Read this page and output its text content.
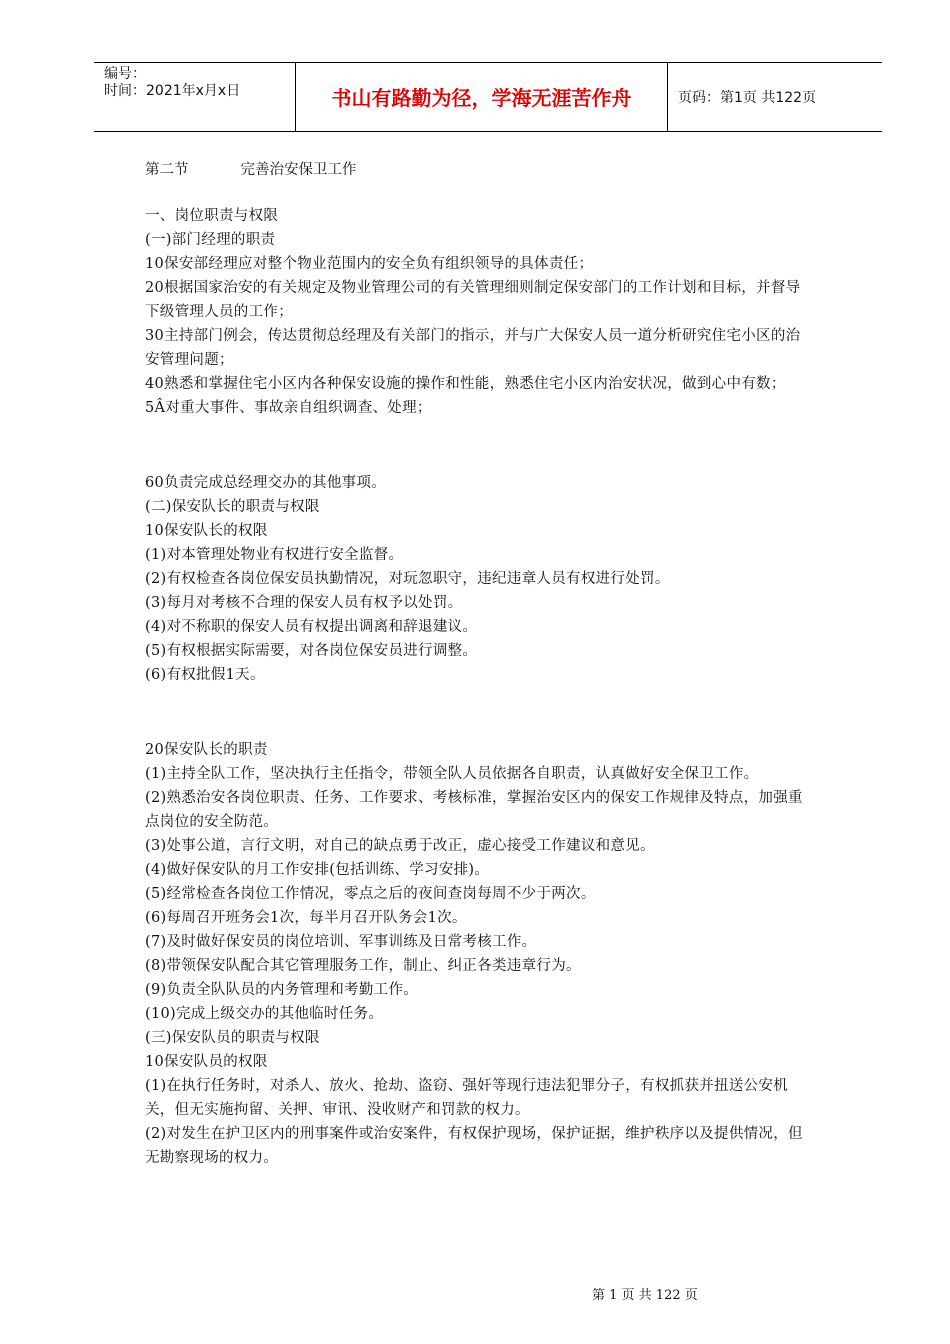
编号：
时间：2021年x月x日	书山有路勤为径，学海无涯苦作舟	页码：第1页 共122页
第二节	完善治安保卫工作

一、岗位职责与权限

(一)部门经理的职责

10保安部经理应对整个物业范围内的安全负有组织领导的具体责任；

20根据国家治安的有关规定及物业管理公司的有关管理细则制定保安部门的工作计划和目标，并督导下级管理人员的工作；

30主持部门例会，传达贯彻总经理及有关部门的指示，并与广大保安人员一道分析研究住宅小区的治安管理问题；

40熟悉和掌握住宅小区内各种保安设施的操作和性能，熟悉住宅小区内治安状况，做到心中有数；

5Â对重大事件、事故亲自组织调查、处理；

60负责完成总经理交办的其他事项。

(二)保安队长的职责与权限

10保安队长的权限

(1)对本管理处物业有权进行安全监督。

(2)有权检查各岗位保安员执勤情况，对玩忽职守，违纪违章人员有权进行处罚。

(3)每月对考核不合理的保安人员有权予以处罚。

(4)对不称职的保安人员有权提出调离和辞退建议。

(5)有权根据实际需要，对各岗位保安员进行调整。

(6)有权批假1天。

20保安队长的职责

(1)主持全队工作，坚决执行主任指令，带领全队人员依据各自职责，认真做好安全保卫工作。

(2)熟悉治安各岗位职责、任务、工作要求、考核标准，掌握治安区内的保安工作规律及特点，加强重点岗位的安全防范。

(3)处事公道，言行文明，对自己的缺点勇于改正，虚心接受工作建议和意见。

(4)做好保安队的月工作安排(包括训练、学习安排)。

(5)经常检查各岗位工作情况，零点之后的夜间查岗每周不少于两次。

(6)每周召开班务会1次，每半月召开队务会1次。

(7)及时做好保安员的岗位培训、军事训练及日常考核工作。

(8)带领保安队配合其它管理服务工作，制止、纠正各类违章行为。

(9)负责全队队员的内务管理和考勤工作。

(10)完成上级交办的其他临时任务。

(三)保安队员的职责与权限

10保安队员的权限

(1)在执行任务时，对杀人、放火、抢劫、盗窃、强奸等现行违法犯罪分子，有权抓获并扭送公安机关，但无实施拘留、关押、审讯、没收财产和罚款的权力。

(2)对发生在护卫区内的刑事案件或治安案件，有权保护现场，保护证据，维护秩序以及提供情况，但无勘察现场的权力。

第 1 页 共 122 页
